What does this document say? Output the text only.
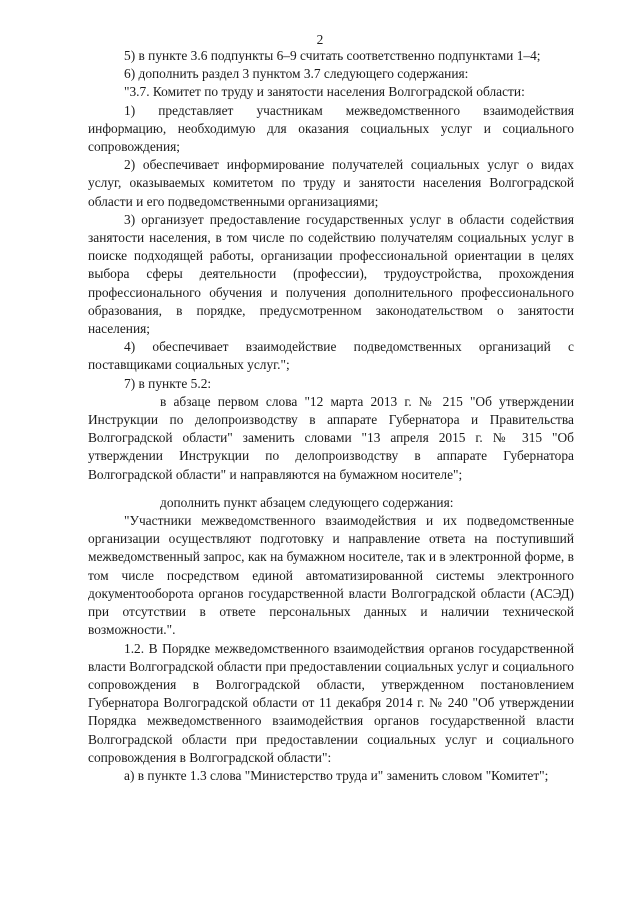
2

5) в пункте 3.6 подпункты 6–9 считать соответственно подпунктами 1–4;

6) дополнить раздел 3 пунктом 3.7 следующего содержания:

"3.7. Комитет по труду и занятости населения Волгоградской области:

1) представляет участникам межведомственного взаимодействия информацию, необходимую для оказания социальных услуг и социального сопровождения;

2) обеспечивает информирование получателей социальных услуг о видах услуг, оказываемых комитетом по труду и занятости населения Волгоградской области и его подведомственными организациями;

3) организует предоставление государственных услуг в области содействия занятости населения, в том числе по содействию получателям социальных услуг в поиске подходящей работы, организации профессиональной ориентации в целях выбора сферы деятельности (профессии), трудоустройства, прохождения профессионального обучения и получения дополнительного профессионального образования, в порядке, предусмотренном законодательством о занятости населения;

4) обеспечивает взаимодействие подведомственных организаций с поставщиками социальных услуг.";

7) в пункте 5.2:

в абзаце первом слова "12 марта 2013 г. № 215 "Об утверждении Инструкции по делопроизводству в аппарате Губернатора и Правительства Волгоградской области" заменить словами "13 апреля 2015 г. № 315 "Об утверждении Инструкции по делопроизводству в аппарате Губернатора Волгоградской области" и направляются на бумажном носителе";

дополнить пункт абзацем следующего содержания:

"Участники межведомственного взаимодействия и их подведомственные организации осуществляют подготовку и направление ответа на поступивший межведомственный запрос, как на бумажном носителе, так и в электронной форме, в том числе посредством единой автоматизированной системы электронного документооборота органов государственной власти Волгоградской области (АСЭД) при отсутствии в ответе персональных данных и наличии технической возможности.".

1.2. В Порядке межведомственного взаимодействия органов государственной власти Волгоградской области при предоставлении социальных услуг и социального сопровождения в Волгоградской области, утвержденном постановлением Губернатора Волгоградской области от 11 декабря 2014 г. № 240 "Об утверждении Порядка межведомственного взаимодействия органов государственной власти Волгоградской области при предоставлении социальных услуг и социального сопровождения в Волгоградской области":

а) в пункте 1.3 слова "Министерство труда и" заменить словом "Комитет";
